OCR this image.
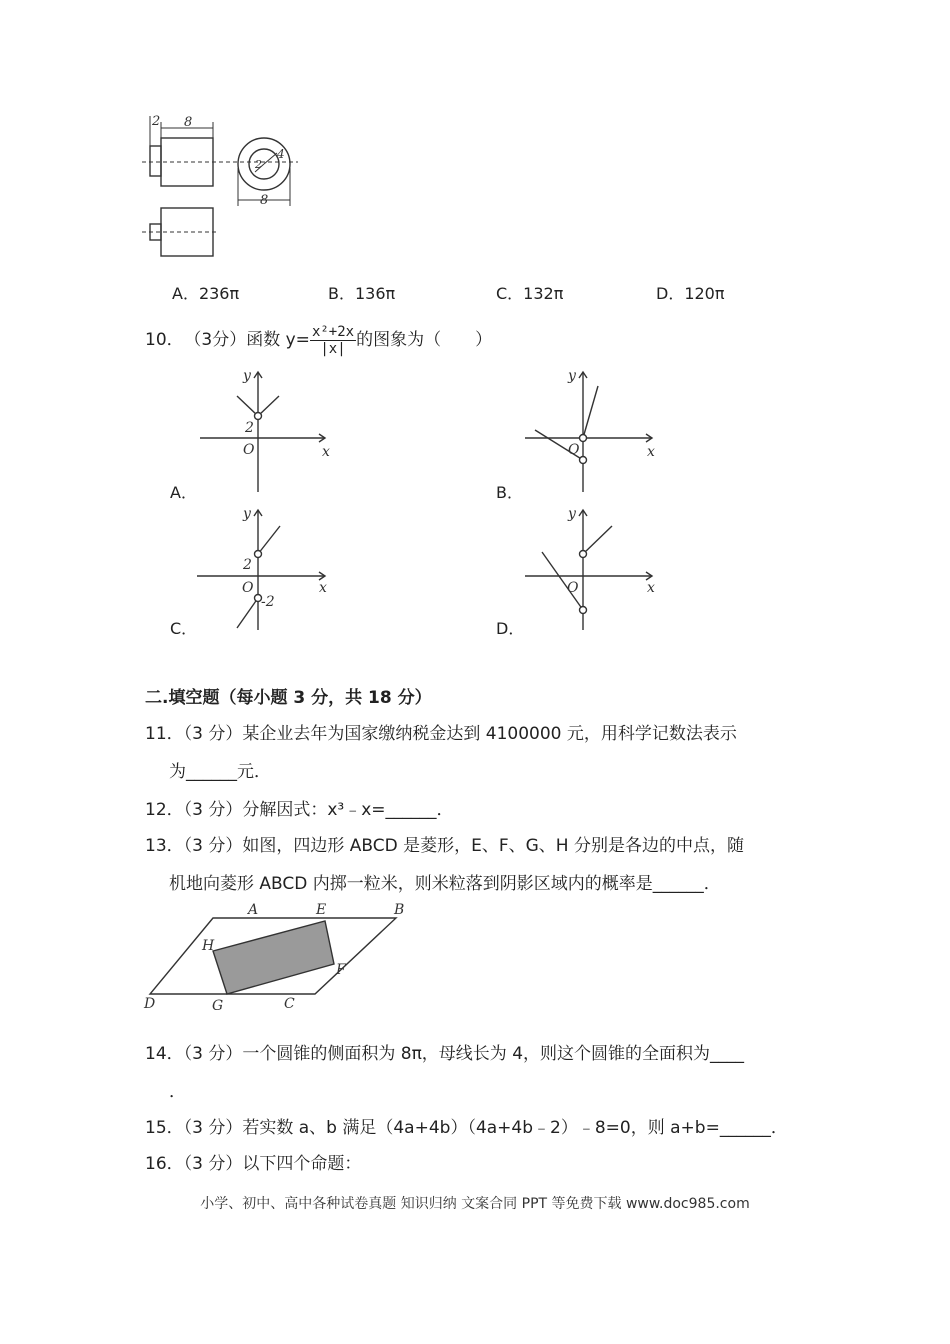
8
2
4
2
8
A．236π	B．136π	C．132π	D．120π
10． （3分）函数 $y= \frac{\text{x²+2x}}{|x|}$ 的图象为（　　）
y
x
O
2
A．
y
x
O
B．
y
x
O
2
-2
C．
y
x
O
D．
二.填空题（每小题 3 分，共 18 分）
11．（3 分）某企业去年为国家缴纳税金达到 4100000 元，用科学记数法表示
为______元．
12．（3 分）分解因式：x³﹣x=______．
13．（3 分）如图，四边形 ABCD 是菱形，E、F、G、H 分别是各边的中点，随
机地向菱形 ABCD 内掷一粒米，则米粒落到阴影区域内的概率是______．
A	B
C
D
E
F
G
H
14．（3 分）一个圆锥的侧面积为 8π，母线长为 4，则这个圆锥的全面积为____
．
15．（3 分）若实数 a、b 满足（4a+4b）（4a+4b﹣2）﹣8=0，则 a+b=______．
16．（3 分）以下四个命题：
小学、初中、高中各种试卷真题 知识归纳 文案合同 PPT 等免费下载 www.doc985.com
